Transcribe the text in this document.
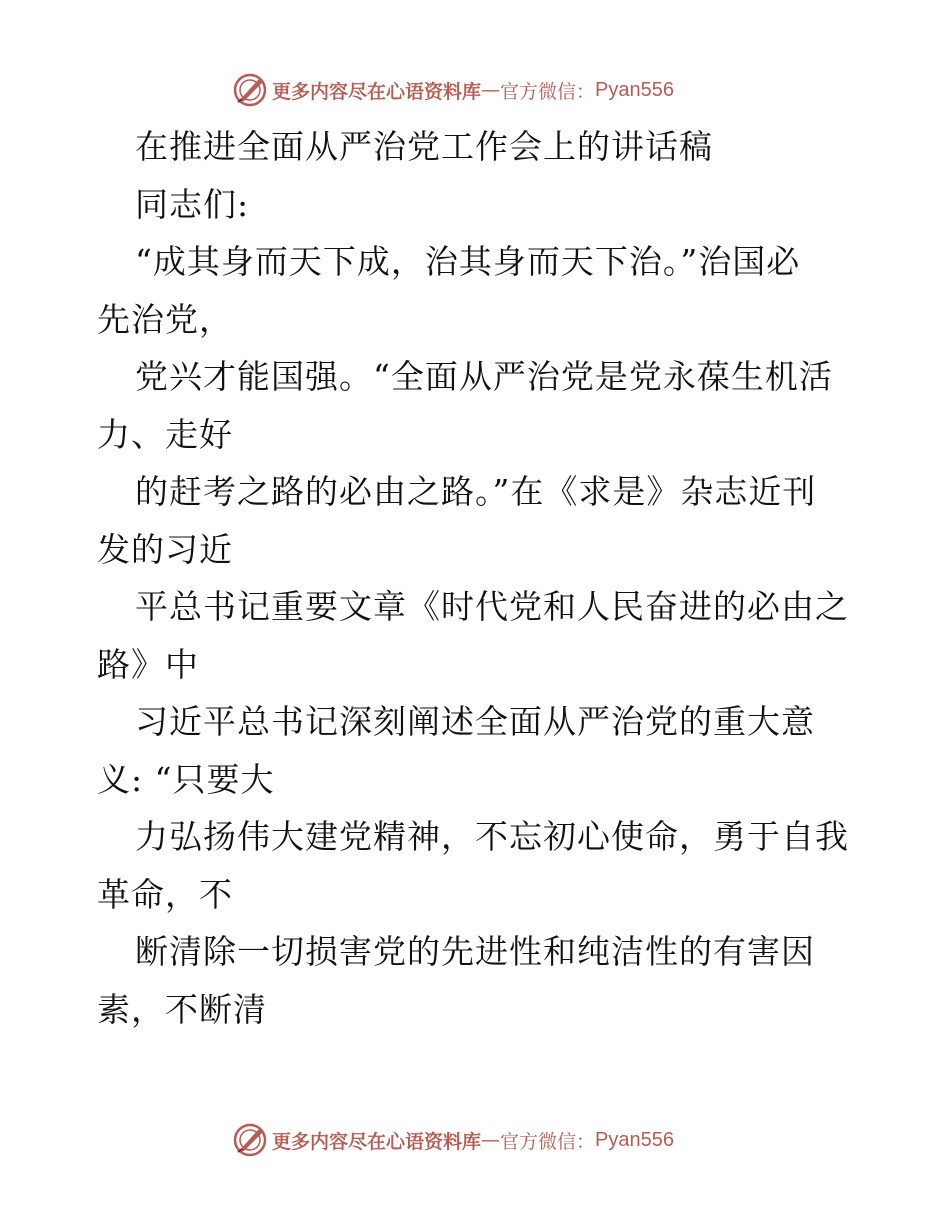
更多内容尽在心语资料库 — 官方微信： Pyan556
在推进全面从严治党工作会上的讲话稿
同志们:
“成其身而天下成，治其身而天下治。”治国必
先治党，
党兴才能国强。“全面从严治党是党永葆生机活
力、走好
的赶考之路的必由之路。”在《求是》杂志近刊
发的习近
平总书记重要文章《时代党和人民奋进的必由之
路》中
习近平总书记深刻阐述全面从严治党的重大意
义: “只要大
力弘扬伟大建党精神，不忘初心使命，勇于自我
革命，不
断清除一切损害党的先进性和纯洁性的有害因
素，不断清
更多内容尽在心语资料库 — 官方微信： Pyan556
